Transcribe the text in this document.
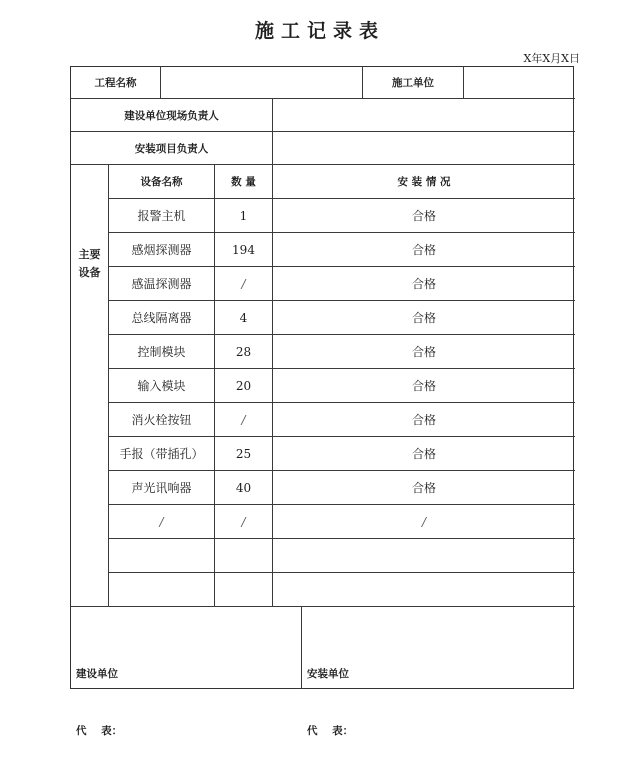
施工记录表
X年X月X日
工程名称	施工单位
建设单位现场负责人
安装项目负责人
主要
设备
设备名称	数 量	安 装 情 况
报警主机	1	合格
感烟探测器	194	合格
感温探测器	/	合格
总线隔离器	4	合格
控制模块	28	合格
输入模块	20	合格
消火栓按钮	/	合格
手报（带插孔）	25	合格
声光讯响器	40	合格
/	/	/

建设单位

代    表：

安装单位

代    表：
